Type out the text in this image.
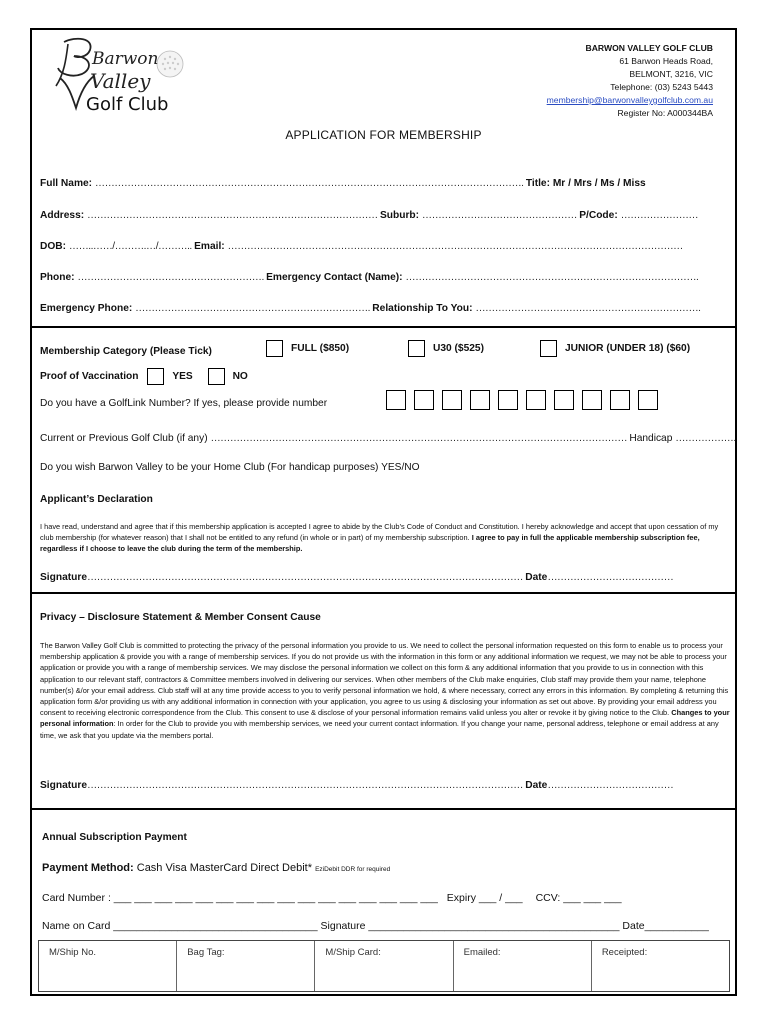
Barwon
Valley
Golf Club
BARWON VALLEY GOLF CLUB
61 Barwon Heads Road,
BELMONT, 3216, VIC
Telephone: (03) 5243 5443
membership@barwonvalleygolfclub.com.au
Register No: A000344BA
APPLICATION FOR MEMBERSHIP
Full Name: ……………………………………………………………………………………………………………………. Title: Mr / Mrs / Ms / Miss
Address: ……………………………………………………………………………… Suburb: ………………………………………… P/Code: ……………………
DOB: ……..……/……….…/……….. Email: ……………………………………………………………………………………………………………………………
Phone: …………………………………………………. Emergency Contact (Name): ……………………………………………………………………………….
Emergency Phone: ………………………………………………………………. Relationship To You: …………………………………………………………….
Membership Category (Please Tick)	FULL ($850)	U30 ($525)	JUNIOR (UNDER 18) ($60)
Proof of Vaccination	YES	NO
Do you have a GolfLink Number? If yes, please provide number
Current or Previous Golf Club (if any) ………………………………………………………………………………………………………………… Handicap ……………….
Do you wish Barwon Valley to be your Home Club (For handicap purposes) YES/NO
Applicant’s Declaration
I have read, understand and agree that if this membership application is accepted I agree to abide by the Club’s Code of Conduct and Constitution. I hereby acknowledge and accept that upon cessation of my club membership (for whatever reason) that I shall not be entitled to any refund (in whole or in part) of my membership subscription. I agree to pay in full the applicable membership subscription fee, regardless if I choose to leave the club during the term of the membership.
Signature……………………………………………………………………………………………………………………… Date…………………………………
Privacy – Disclosure Statement & Member Consent Cause
The Barwon Valley Golf Club is committed to protecting the privacy of the personal information you provide to us. We need to collect the personal information requested on this form to enable us to process your membership application & provide you with a range of membership services. If you do not provide us with the information in this form or any additional information we request, we may not be able to process your application or provide you with a range of membership services. We may disclose the personal information we collect on this form & any additional information that you provide to us in connection with this application to our relevant staff, contractors & Committee members involved in delivering our services. When other members of the Club make enquiries, Club staff may provide them your name, telephone number(s) &/or your email address. Club staff will at any time provide access to you to verify personal information we hold, & where necessary, correct any errors in this information. By completing & returning this application form &/or providing us with any additional information in connection with your application, you agree to us using & disclosing your information as set out above. By providing your email address you consent to receiving electronic correspondence from the Club. This consent to use & disclose of your personal information remains valid unless you alter or revoke it by giving notice to the Club. Changes to your personal information: In order for the Club to provide you with membership services, we need your current contact information. If you change your name, personal address, telephone or email address at any time, we ask that you update via the members portal.
Signature……………………………………………………………………………………………………………………… Date…………………………………
Annual Subscription Payment
Payment Method: Cash Visa MasterCard Direct Debit* EziDebit DDR for required
Card Number : ___ ___ ___ ___ ___ ___ ___ ___ ___ ___ ___ ___ ___ ___ ___ ___ Expiry ___ / ___ CCV: ___ ___ ___
Name on Card ___________________________________ Signature ___________________________________________ Date___________
M/Ship No.	Bag Tag:	M/Ship Card:	Emailed:	Receipted:
